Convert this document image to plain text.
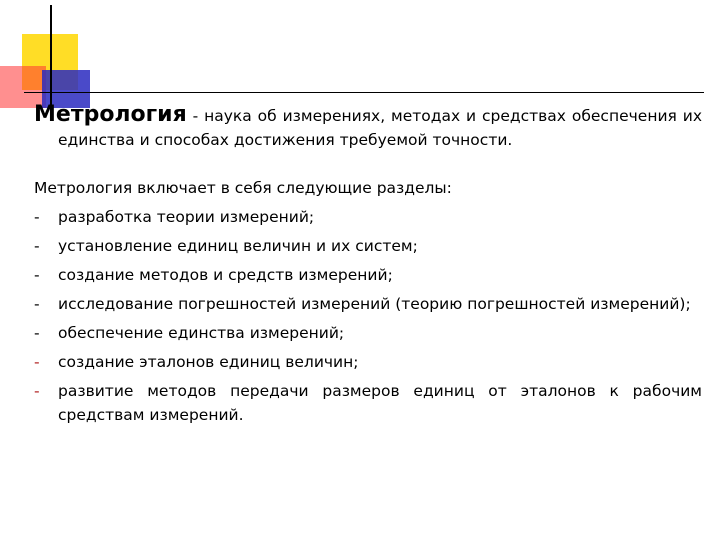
Метрология - наука об измерениях, методах и средствах обеспечения их единства и способах достижения требуемой точности.

Метрология включает в себя следующие разделы:

-	разработка теории измерений;
-	установление единиц величин и их систем;
-	создание методов и средств измерений;
-	исследование погрешностей измерений (теорию погрешностей измерений);
-	обеспечение единства измерений;
-	создание эталонов единиц величин;
-	развитие методов передачи размеров единиц от эталонов к рабочим средствам измерений.
